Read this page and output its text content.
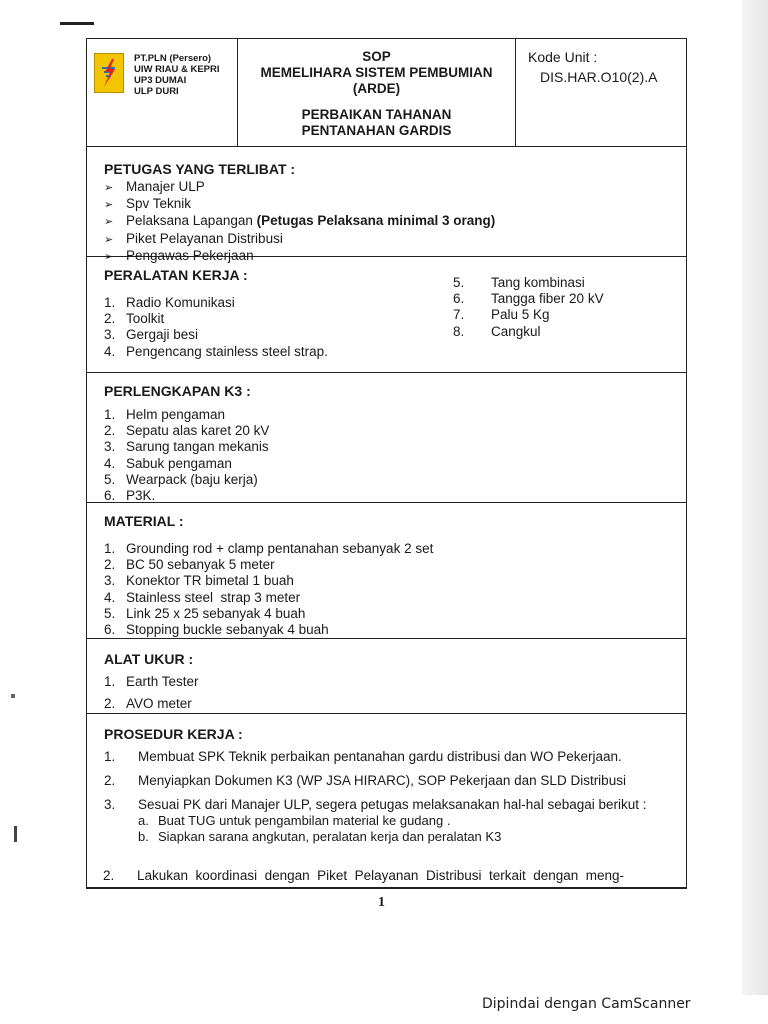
PT.PLN (Persero)
UIW RIAU & KEPRI
UP3 DUMAI
ULP DURI
SOP
MEMELIHARA SISTEM PEMBUMIAN
(ARDE)
PERBAIKAN TAHANAN
PENTANAHAN GARDIS
Kode Unit :
DIS.HAR.O10(2).A
PETUGAS YANG TERLIBAT :
➢ Manajer ULP
➢ Spv Teknik
➢ Pelaksana Lapangan (Petugas Pelaksana minimal 3 orang)
➢ Piket Pelayanan Distribusi
➢ Pengawas Pekerjaan
PERALATAN KERJA :
1. Radio Komunikasi
2. Toolkit
3. Gergaji besi
4. Pengencang stainless steel strap.
5.	Tang kombinasi
6.	Tangga fiber 20 kV
7.	Palu 5 Kg
8.	Cangkul
PERLENGKAPAN K3 :
1. Helm pengaman
2. Sepatu alas karet 20 kV
3. Sarung tangan mekanis
4. Sabuk pengaman
5. Wearpack (baju kerja)
6. P3K.
MATERIAL :
1. Grounding rod + clamp pentanahan sebanyak 2 set
2. BC 50 sebanyak 5 meter
3. Konektor TR bimetal 1 buah
4. Stainless steel  strap 3 meter
5. Link 25 x 25 sebanyak 4 buah
6. Stopping buckle sebanyak 4 buah
ALAT UKUR :
1. Earth Tester
2. AVO meter
PROSEDUR KERJA :
1.	Membuat SPK Teknik perbaikan pentanahan gardu distribusi dan WO Pekerjaan.
2.	Menyiapkan Dokumen K3 (WP JSA HIRARC), SOP Pekerjaan dan SLD Distribusi
3.	Sesuai PK dari Manajer ULP, segera petugas melaksanakan hal-hal sebagai berikut :
a. Buat TUG untuk pengambilan material ke gudang .
b. Siapkan sarana angkutan, peralatan kerja dan peralatan K3
2.	Lakukan  koordinasi  dengan  Piket  Pelayanan  Distribusi  terkait  dengan  meng-
1
Dipindai dengan CamScanner
